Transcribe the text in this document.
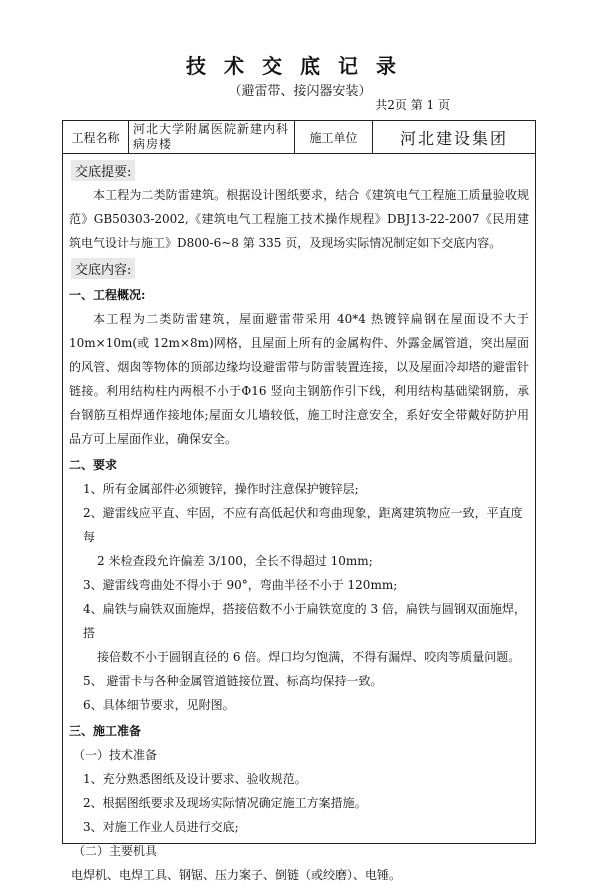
技术交底记录
（避雷带、接闪器安装）
共2页 第 1 页
工程名称
河北大学附属医院新建内科病房楼	施工单位	河北建设集团
交底提要:
本工程为二类防雷建筑。根据设计图纸要求，结合《建筑电气工程施工质量验收规范》GB50303-2002,《建筑电气工程施工技术操作规程》DBJ13-22-2007《民用建筑电气设计与施工》D800-6~8 第 335 页，及现场实际情况制定如下交底内容。
交底内容:
一、工程概况:
本工程为二类防雷建筑，屋面避雷带采用 40*4 热镀锌扁钢在屋面设不大于 10m×10m(或 12m×8m)网格，且屋面上所有的金属构件、外露金属管道，突出屋面的风管、烟囱等物体的顶部边缘均设避雷带与防雷装置连接，以及屋面冷却塔的避雷针链接。利用结构柱内两根不小于Φ16 竖向主钢筋作引下线，利用结构基础梁钢筋，承台钢筋互相焊通作接地体;屋面女儿墙较低，施工时注意安全，系好安全带戴好防护用品方可上屋面作业，确保安全。
二、要求
1、所有金属部件必须镀锌，操作时注意保护镀锌层;
2、避雷线应平直、牢固，不应有高低起伏和弯曲现象，距离建筑物应一致，平直度每
2 米检查段允许偏差 3/100，全长不得超过 10mm;
3、避雷线弯曲处不得小于 90°，弯曲半径不小于 120mm;
4、扁铁与扁铁双面施焊，搭接倍数不小于扁铁宽度的 3 倍，扁铁与圆钢双面施焊，搭
接倍数不小于圆钢直径的 6 倍。焊口均匀饱满，不得有漏焊、咬肉等质量问题。
5、 避雷卡与各种金属管道链接位置、标高均保持一致。
6、具体细节要求，见附图。
三、施工准备
（一）技术准备
1、充分熟悉图纸及设计要求、验收规范。
2、根据图纸要求及现场实际情况确定施工方案措施。
3、对施工作业人员进行交底;
（二）主要机具
电焊机、电焊工具、钢锯、压力案子、倒链（或绞磨）、电锤。
